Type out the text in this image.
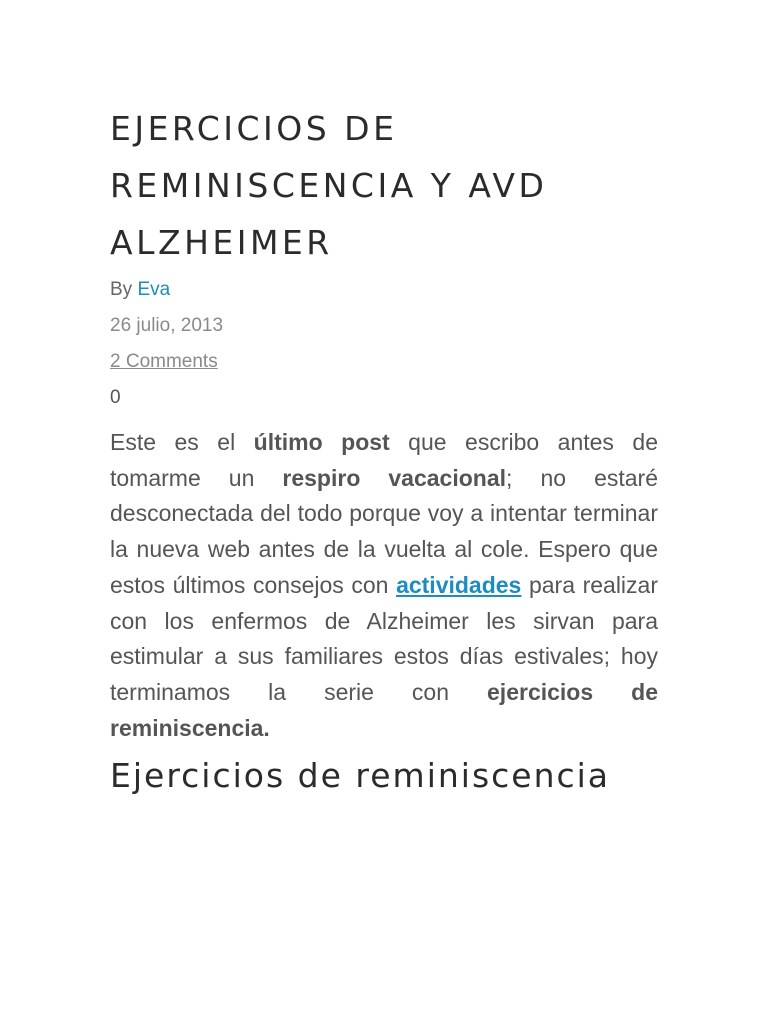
EJERCICIOS DE REMINISCENCIA Y AVD ALZHEIMER
By Eva
26 julio, 2013
2 Comments
0

Este es el último post que escribo antes de tomarme un respiro vacacional; no estaré desconectada del todo porque voy a intentar terminar la nueva web antes de la vuelta al cole. Espero que estos últimos consejos con actividades para realizar con los enfermos de Alzheimer les sirvan para estimular a sus familiares estos días estivales; hoy terminamos la serie con ejercicios de reminiscencia.

Ejercicios de reminiscencia
